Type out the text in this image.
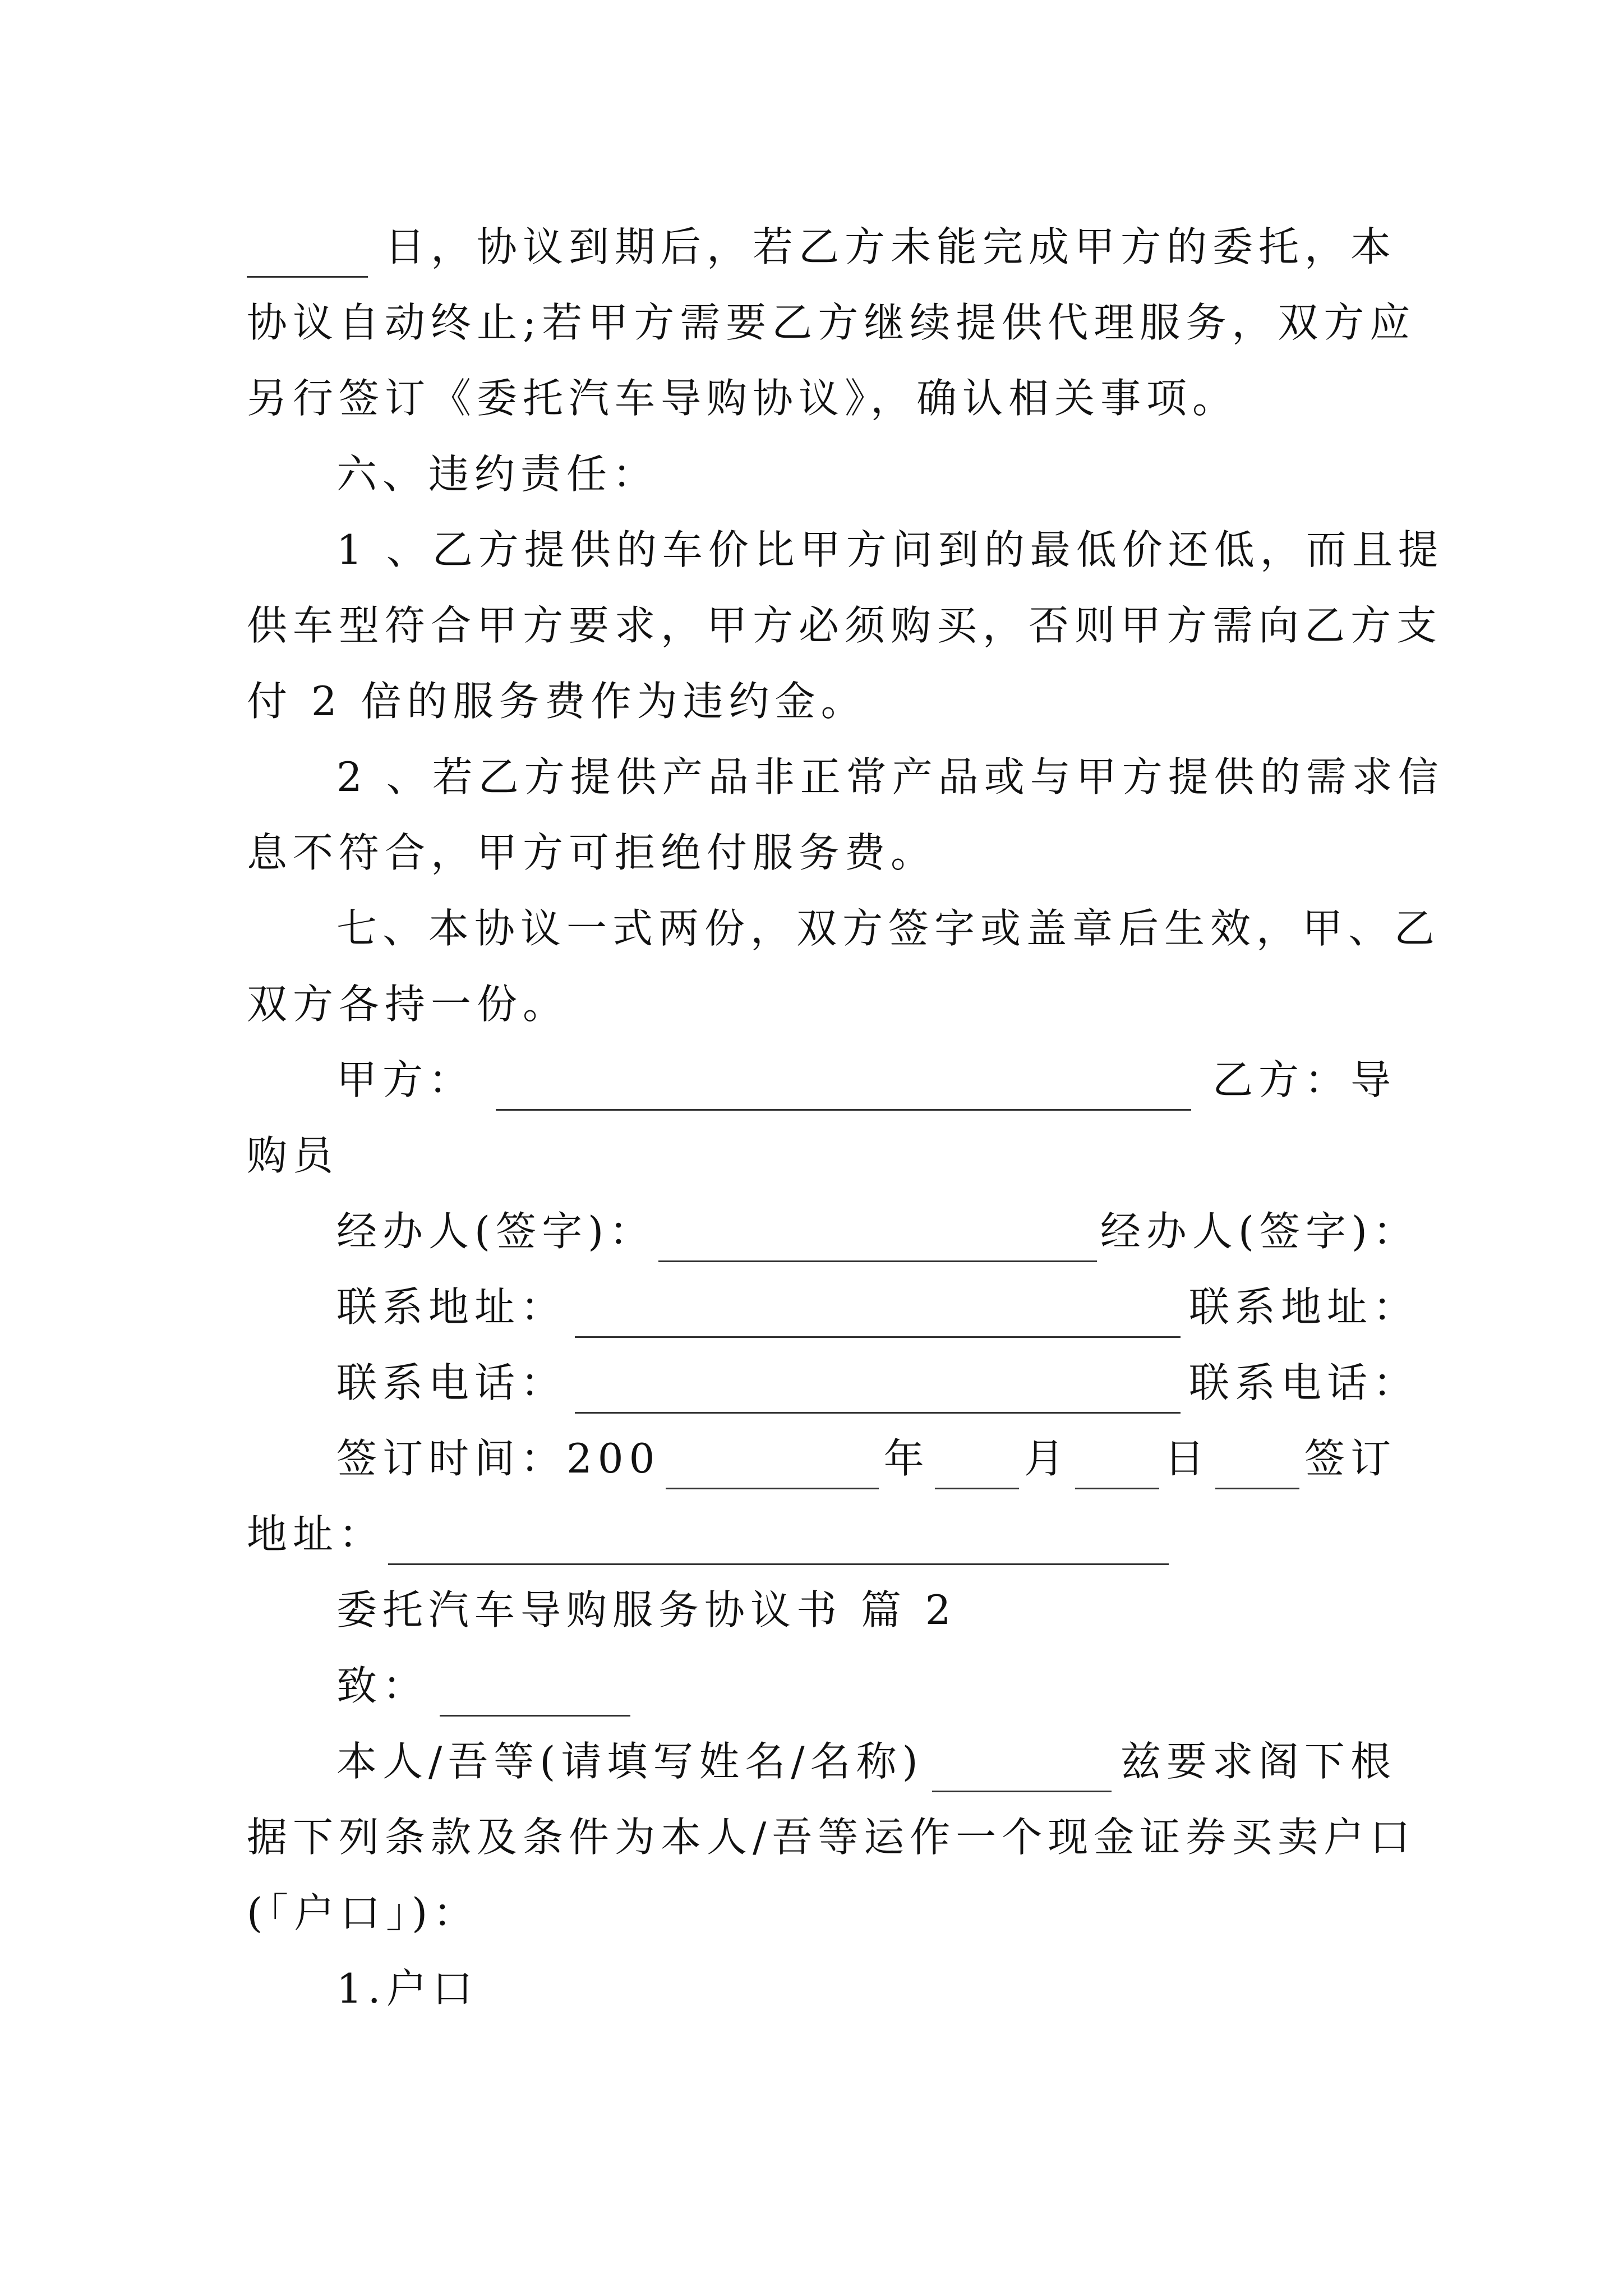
日，协议到期后，若乙方未能完成甲方的委托，本
协议自动终止;若甲方需要乙方继续提供代理服务，双方应
另行签订《委托汽车导购协议》，确认相关事项。
六、违约责任：
1 、乙方提供的车价比甲方问到的最低价还低，而且提
供车型符合甲方要求，甲方必须购买，否则甲方需向乙方支
付 2 倍的服务费作为违约金。
2 、若乙方提供产品非正常产品或与甲方提供的需求信
息不符合，甲方可拒绝付服务费。
七、本协议一式两份，双方签字或盖章后生效，甲、乙
双方各持一份。
甲方：	乙方：导
购员
经办人(签字)：	经办人(签字)：
联系地址：	联系地址：
联系电话：	联系电话：
签订时间：200	年 月 日 签订
地址：
委托汽车导购服务协议书 篇 2
致：
本人/吾等(请填写姓名/名称)	兹要求阁下根
据下列条款及条件为本人/吾等运作一个现金证券买卖户口
(「户口」)：
1.户口
